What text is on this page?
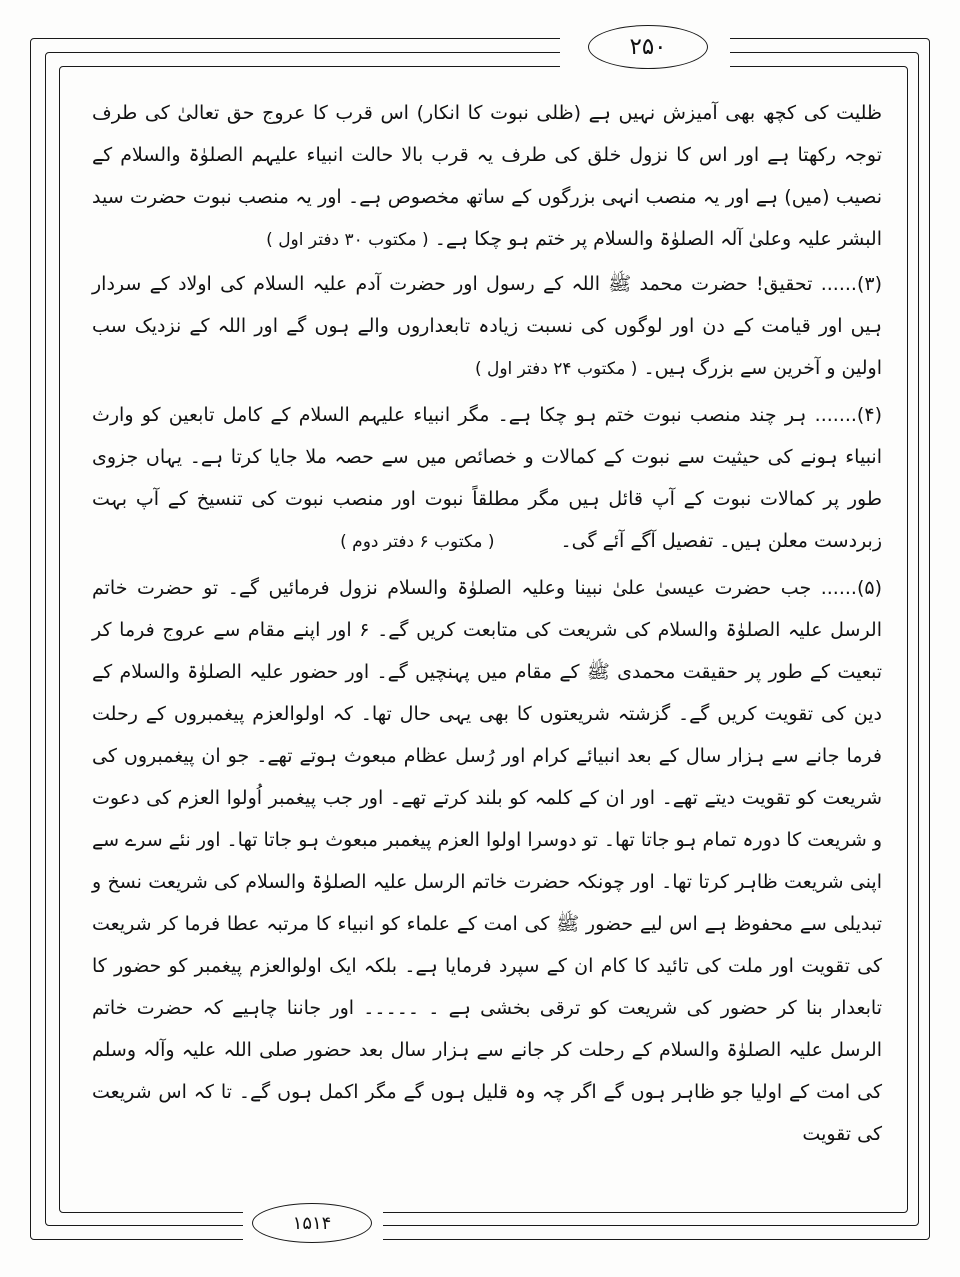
۲۵۰
۱۵۱۴

ظلیت کی کچھ بھی آمیزش نہیں ہے (ظلی نبوت کا انکار) اس قرب کا عروج حق تعالیٰ کی طرف توجہ رکھتا ہے اور اس کا نزول خلق کی طرف یہ قرب بالا حالت انبیاء علیہم الصلوٰۃ والسلام کے نصیب (میں) ہے اور یہ منصب انہی بزرگوں کے ساتھ مخصوص ہے۔ اور یہ منصب نبوت حضرت سید البشر علیہ وعلیٰ آلہ الصلوٰۃ والسلام پر ختم ہو چکا ہے۔ ( مکتوب ۳۰ دفتر اول )

(۳)...... تحقیق! حضرت محمد ﷺ اللہ کے رسول اور حضرت آدم علیہ السلام کی اولاد کے سردار ہیں اور قیامت کے دن اور لوگوں کی نسبت زیادہ تابعداروں والے ہوں گے اور اللہ کے نزدیک سب اولین و آخرین سے بزرگ ہیں۔ ( مکتوب ۲۴ دفتر اول )

(۴)....... ہر چند منصب نبوت ختم ہو چکا ہے۔ مگر انبیاء علیہم السلام کے کامل تابعین کو وارث انبیاء ہونے کی حیثیت سے نبوت کے کمالات و خصائص میں سے حصہ ملا جایا کرتا ہے۔ یہاں جزوی طور پر کمالات نبوت کے آپ قائل ہیں مگر مطلقاً نبوت اور منصب نبوت کی تنسیخ کے آپ بہت زبردست معلن ہیں۔ تفصیل آگے آئے گی۔ ( مکتوب ۶ دفتر دوم )

(۵)...... جب حضرت عیسیٰ علیٰ نبینا وعلیہ الصلوٰۃ والسلام نزول فرمائیں گے۔ تو حضرت خاتم الرسل علیہ الصلوٰۃ والسلام کی شریعت کی متابعت کریں گے۔ ۶ اور اپنے مقام سے عروج فرما کر تبعیت کے طور پر حقیقت محمدی ﷺ کے مقام میں پہنچیں گے۔ اور حضور علیہ الصلوٰۃ والسلام کے دین کی تقویت کریں گے۔ گزشتہ شریعتوں کا بھی یہی حال تھا۔ کہ اولوالعزم پیغمبروں کے رحلت فرما جانے سے ہزار سال کے بعد انبیائے کرام اور رُسل عظام مبعوث ہوتے تھے۔ جو ان پیغمبروں کی شریعت کو تقویت دیتے تھے۔ اور ان کے کلمہ کو بلند کرتے تھے۔ اور جب پیغمبر اُولوا العزم کی دعوت و شریعت کا دورہ تمام ہو جاتا تھا۔ تو دوسرا اولوا العزم پیغمبر مبعوث ہو جاتا تھا۔ اور نئے سرے سے اپنی شریعت ظاہر کرتا تھا۔ اور چونکہ حضرت خاتم الرسل علیہ الصلوٰۃ والسلام کی شریعت نسخ و تبدیلی سے محفوظ ہے اس لیے حضور ﷺ کی امت کے علماء کو انبیاء کا مرتبہ عطا فرما کر شریعت کی تقویت اور ملت کی تائید کا کام ان کے سپرد فرمایا ہے۔ بلکہ ایک اولوالعزم پیغمبر کو حضور کا تابعدار بنا کر حضور کی شریعت کو ترقی بخشی ہے ۔ ۔۔۔۔۔ اور جاننا چاہیے کہ حضرت خاتم الرسل علیہ الصلوٰۃ والسلام کے رحلت کر جانے سے ہزار سال بعد حضور صلی اللہ علیہ وآلہ وسلم کی امت کے اولیا جو ظاہر ہوں گے اگر چہ وہ قلیل ہوں گے مگر اکمل ہوں گے۔ تا کہ اس شریعت کی تقویت
